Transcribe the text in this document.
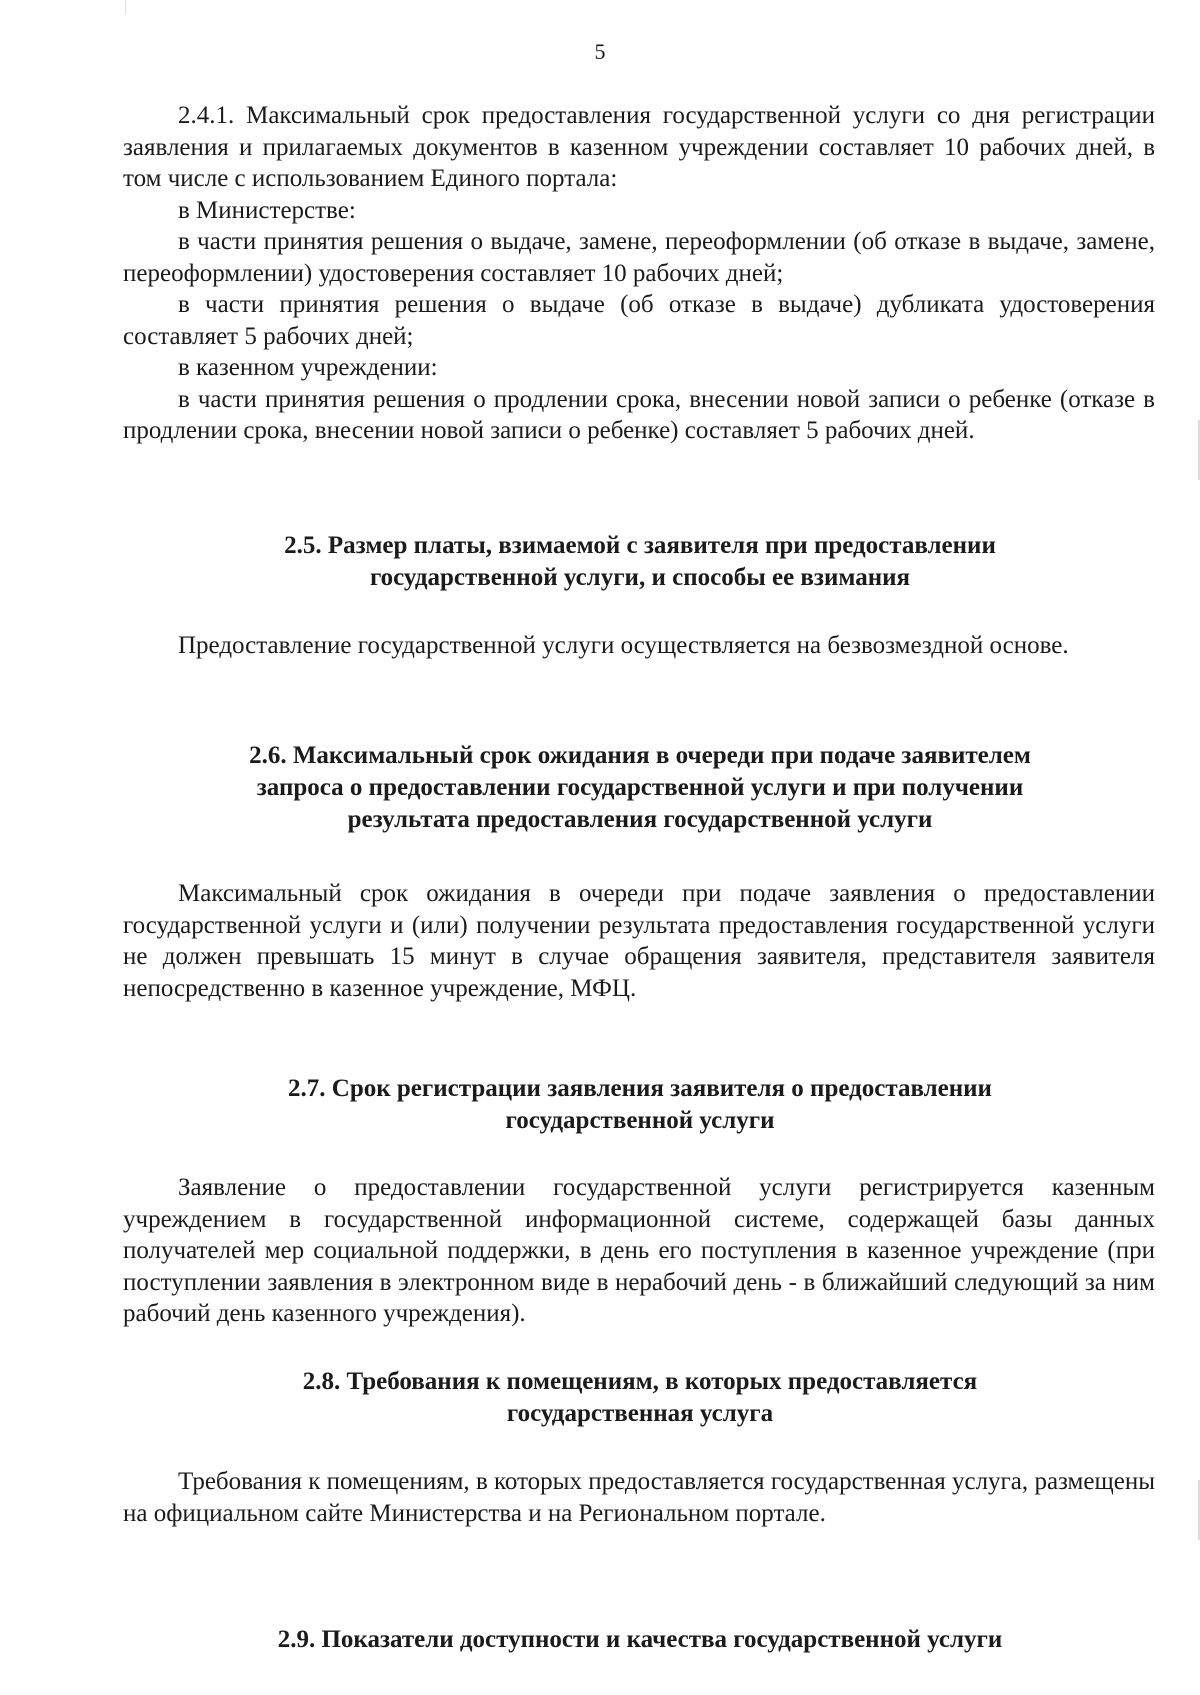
5

2.4.1. Максимальный срок предоставления государственной услуги со дня регистрации заявления и прилагаемых документов в казенном учреждении составляет 10 рабочих дней, в том числе с использованием Единого портала:

в Министерстве:

в части принятия решения о выдаче, замене, переоформлении (об отказе в выдаче, замене, переоформлении) удостоверения составляет 10 рабочих дней;

в части принятия решения о выдаче (об отказе в выдаче) дубликата удостоверения составляет 5 рабочих дней;

в казенном учреждении:

в части принятия решения о продлении срока, внесении новой записи о ребенке (отказе в продлении срока, внесении новой записи о ребенке) составляет 5 рабочих дней.

2.5. Размер платы, взимаемой с заявителя при предоставлении
государственной услуги, и способы ее взимания

Предоставление государственной услуги осуществляется на безвозмездной основе.

2.6. Максимальный срок ожидания в очереди при подаче заявителем
запроса о предоставлении государственной услуги и при получении
результата предоставления государственной услуги

Максимальный срок ожидания в очереди при подаче заявления о предоставлении государственной услуги и (или) получении результата предоставления государственной услуги не должен превышать 15 минут в случае обращения заявителя, представителя заявителя непосредственно в казенное учреждение, МФЦ.

2.7. Срок регистрации заявления заявителя о предоставлении
государственной услуги

Заявление о предоставлении государственной услуги регистрируется казенным учреждением в государственной информационной системе, содержащей базы данных получателей мер социальной поддержки, в день его поступления в казенное учреждение (при поступлении заявления в электронном виде в нерабочий день - в ближайший следующий за ним рабочий день казенного учреждения).

2.8. Требования к помещениям, в которых предоставляется
государственная услуга

Требования к помещениям, в которых предоставляется государственная услуга, размещены на официальном сайте Министерства и на Региональном портале.

2.9. Показатели доступности и качества государственной услуги
